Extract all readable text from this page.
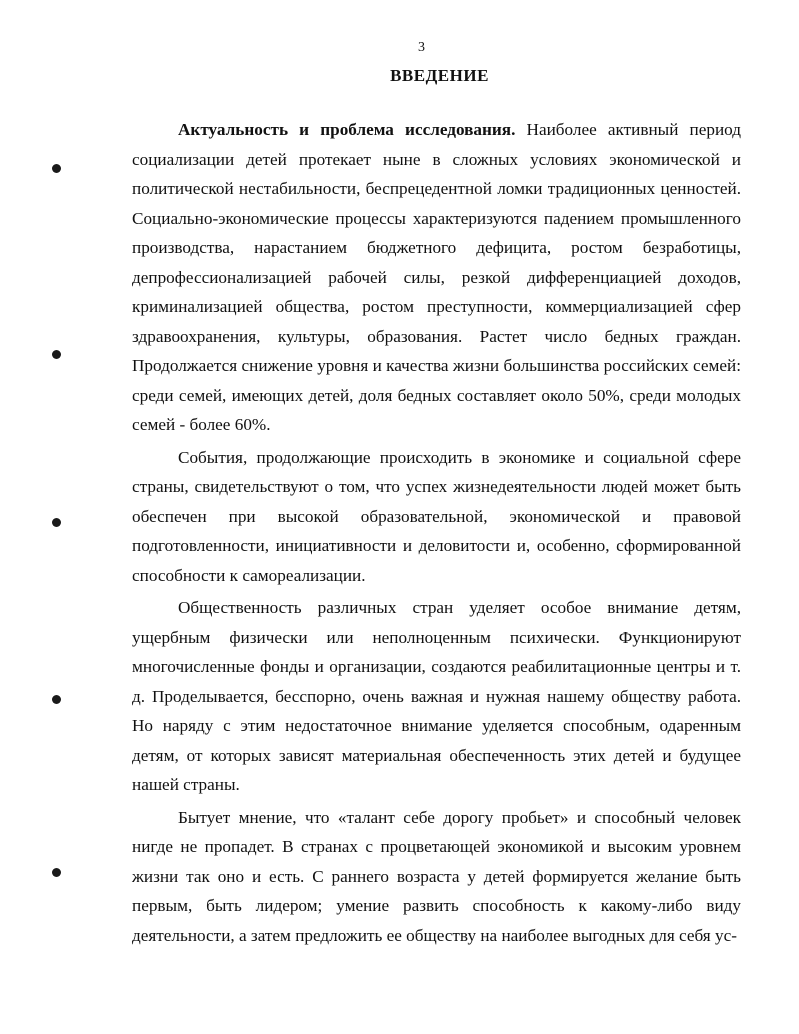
3
ВВЕДЕНИЕ

Актуальность и проблема исследования. Наиболее активный период социализации детей протекает ныне в сложных условиях экономической и политической нестабильности, беспрецедентной ломки традиционных ценностей. Социально-экономические процессы характеризуются падением промышленного производства, нарастанием бюджетного дефицита, ростом безработицы, депрофессионализацией рабочей силы, резкой дифференциацией доходов, криминализацией общества, ростом преступности, коммерциализацией сфер здравоохранения, культуры, образования. Растет число бедных граждан. Продолжается снижение уровня и качества жизни большинства российских семей: среди семей, имеющих детей, доля бедных составляет около 50%, среди молодых семей - более 60%.

События, продолжающие происходить в экономике и социальной сфере страны, свидетельствуют о том, что успех жизнедеятельности людей может быть обеспечен при высокой образовательной, экономической и правовой подготовленности, инициативности и деловитости и, особенно, сформированной способности к самореализации.

Общественность различных стран уделяет особое внимание детям, ущербным физически или неполноценным психически. Функционируют многочисленные фонды и организации, создаются реабилитационные центры и т. д. Проделывается, бесспорно, очень важная и нужная нашему обществу работа. Но наряду с этим недостаточное внимание уделяется способным, одаренным детям, от которых зависят материальная обеспеченность этих детей и будущее нашей страны.

Бытует мнение, что «талант себе дорогу пробьет» и способный человек нигде не пропадет. В странах с процветающей экономикой и высоким уровнем жизни так оно и есть. С раннего возраста у детей формируется желание быть первым, быть лидером; умение развить способность к какому-либо виду деятельности, а затем предложить ее обществу на наиболее выгодных для себя ус-
